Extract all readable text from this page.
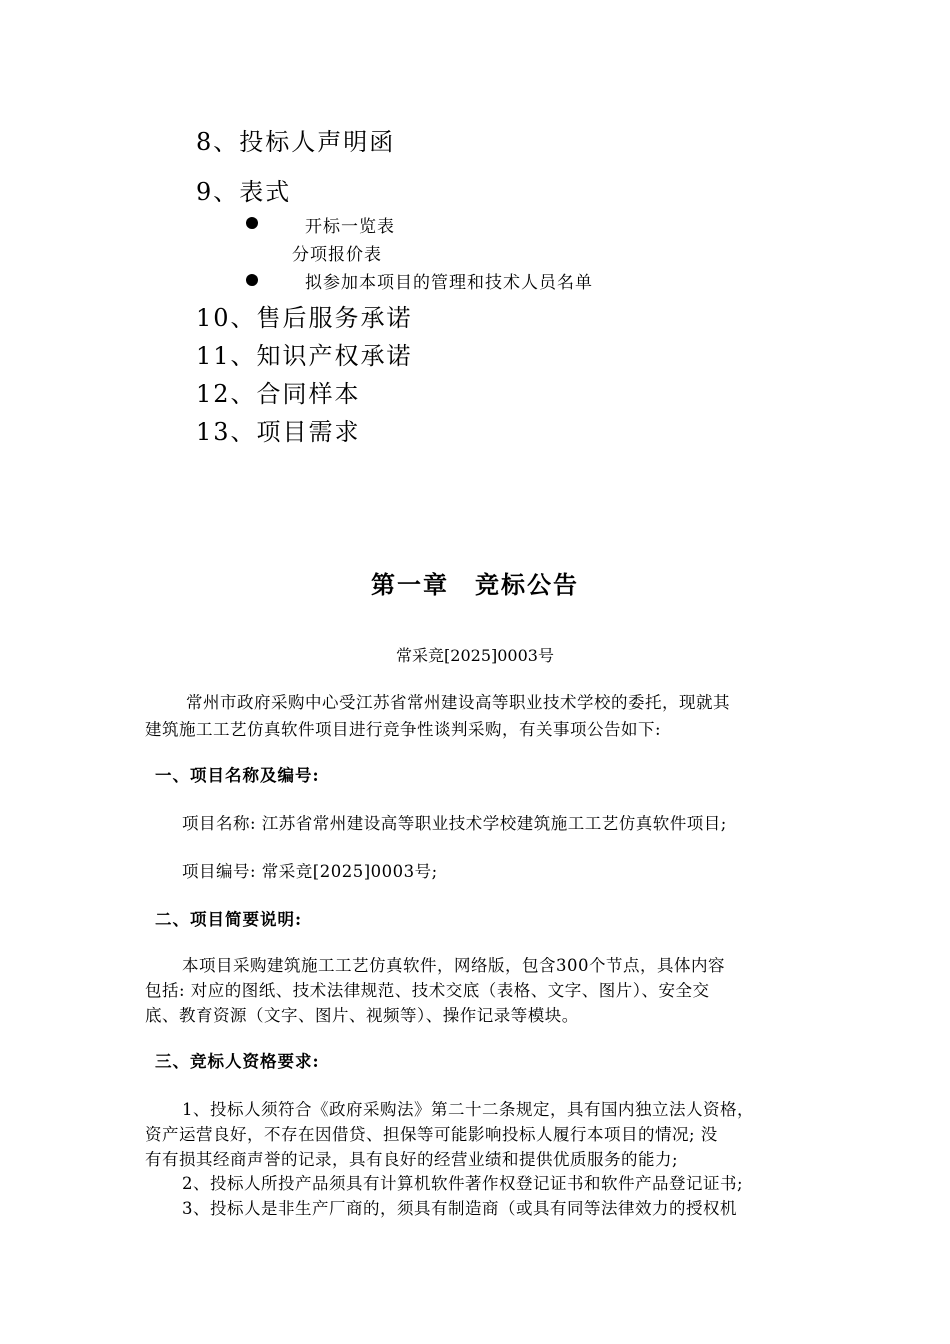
8、投标人声明函
9、表式
开标一览表
分项报价表
拟参加本项目的管理和技术人员名单
10、售后服务承诺
11、知识产权承诺
12、合同样本
13、项目需求
第一章　竞标公告
常采竞[2025]0003号
常州市政府采购中心受江苏省常州建设高等职业技术学校的委托，现就其
建筑施工工艺仿真软件项目进行竞争性谈判采购，有关事项公告如下:
一、项目名称及编号:
项目名称: 江苏省常州建设高等职业技术学校建筑施工工艺仿真软件项目;
项目编号: 常采竞[2025]0003号;
二、项目简要说明:
本项目采购建筑施工工艺仿真软件，网络版，包含300个节点，具体内容
包括: 对应的图纸、技术法律规范、技术交底（表格、文字、图片）、安全交
底、教育资源（文字、图片、视频等）、操作记录等模块。
三、竞标人资格要求:
1、投标人须符合《政府采购法》第二十二条规定，具有国内独立法人资格，
资产运营良好，不存在因借贷、担保等可能影响投标人履行本项目的情况; 没
有有损其经商声誉的记录，具有良好的经营业绩和提供优质服务的能力;
2、投标人所投产品须具有计算机软件著作权登记证书和软件产品登记证书;
3、投标人是非生产厂商的，须具有制造商（或具有同等法律效力的授权机
